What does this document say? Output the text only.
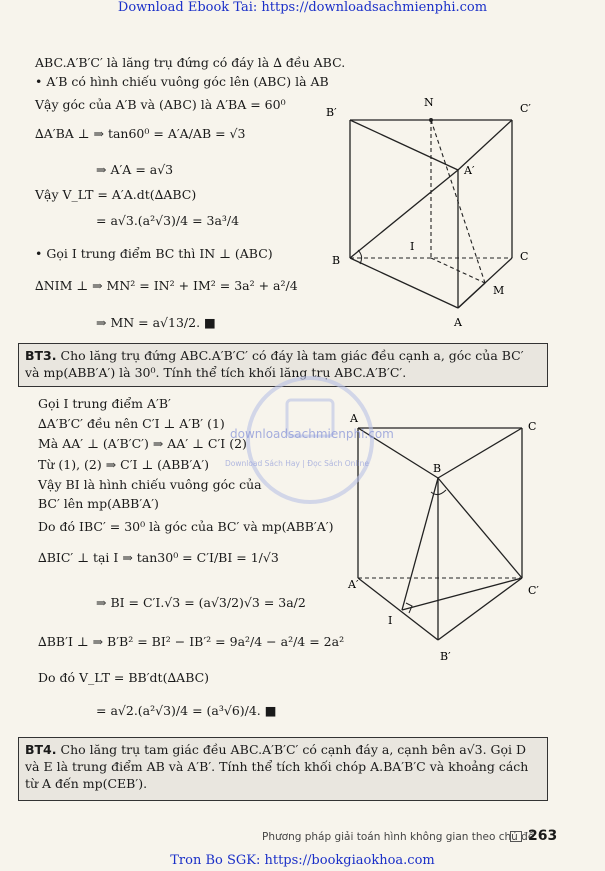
Download Ebook Tai: https://downloadsachmienphi.com
ABC.A′B′C′ là lăng trụ đứng có đáy là ∆ đều ABC.
• A′B có hình chiếu vuông góc lên (ABC) là AB
Vậy góc của A′B và (ABC) là A′BA = 60⁰
∆A′BA ⊥ ⇒ tan60⁰ = A′A/AB = √3
⇒ A′A = a√3
Vậy V_LT = A′A.dt(∆ABC)
= a√3.(a²√3)/4 = 3a³/4
• Gọi I trung điểm BC thì IN ⊥ (ABC)
∆NIM ⊥ ⇒ MN² = IN² + IM² = 3a² + a²/4
⇒ MN = a√13/2. ■
B′
N	C′
A′
I
B	C
M
A

BT3. Cho lăng trụ đứng ABC.A′B′C′ có đáy là tam giác đều cạnh a, góc của BC′ và mp(ABB′A′) là 30⁰. Tính thể tích khối lăng trụ ABC.A′B′C′.

Gọi I trung điểm A′B′
∆A′B′C′ đều nên C′I ⊥ A′B′ (1)
Mà AA′ ⊥ (A′B′C′) ⇒ AA′ ⊥ C′I (2)
Từ (1), (2) ⇒ C′I ⊥ (ABB′A′)
Vậy BI là hình chiếu vuông góc của
BC′ lên mp(ABB′A′)
Do đó IBC′ = 30⁰ là góc của BC′ và mp(ABB′A′)
∆BIC′ ⊥ tại I ⇒ tan30⁰ = C′I/BI = 1/√3
⇒ BI = C′I.√3 = (a√3/2)√3 = 3a/2
∆BB′I ⊥ ⇒ B′B² = BI² − IB′² = 9a²/4 − a²/4 = 2a²
Do đó V_LT = BB′dt(∆ABC)
= a√2.(a²√3)/4 = (a³√6)/4. ■
A
C
B
A′	C′
I
B′
downloadsachmienphi.com
Download Sách Hay | Đọc Sách Online

BT4. Cho lăng trụ tam giác đều ABC.A′B′C′ có cạnh đáy a, cạnh bên a√3. Gọi D và E là trung điểm AB và A′B′. Tính thể tích khối chóp A.BA′B′C và khoảng cách từ A đến mp(CEB′).

Phương pháp giải toán hình không gian theo chủ đề
263
Tron Bo SGK: https://bookgiaokhoa.com
